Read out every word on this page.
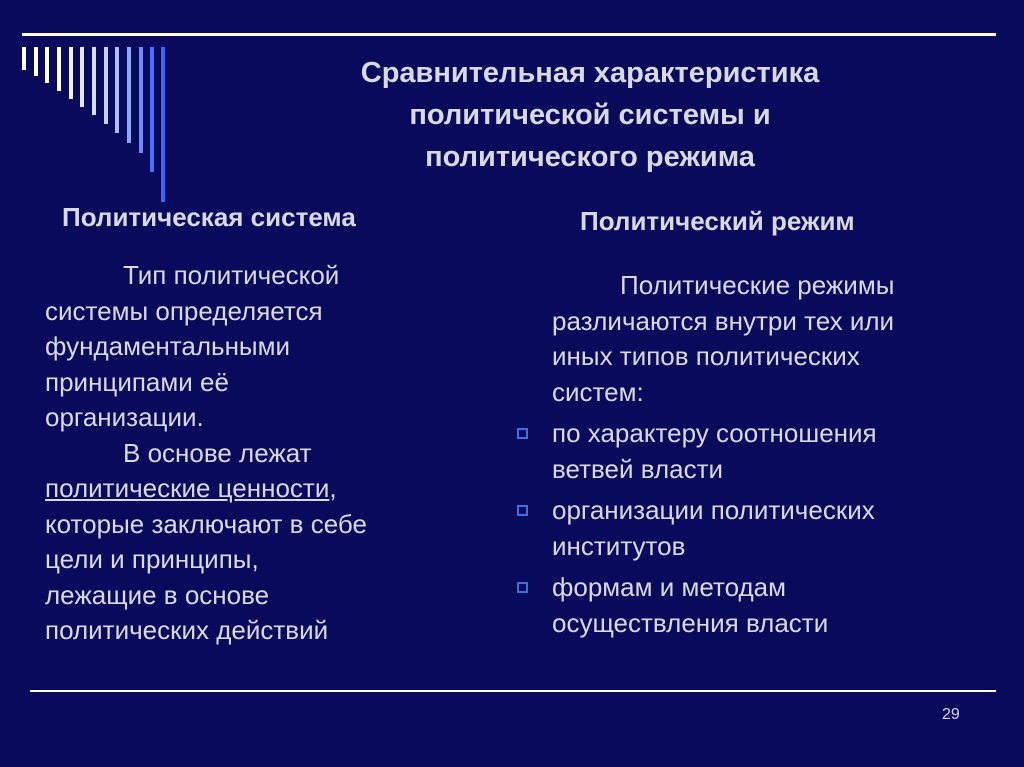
Сравнительная характеристика
политической системы и
политического режима
Политическая система	Политический режим
Тип политической
системы определяется
фундаментальными
принципами её
организации.
В основе лежат
политические ценности,
которые заключают в себе
цели и принципы,
лежащие в основе
политических действий
Политические режимы
различаются внутри тех или
иных типов политических
систем:
по характеру соотношения
ветвей власти
организации политических
институтов
формам и методам
осуществления власти
29
